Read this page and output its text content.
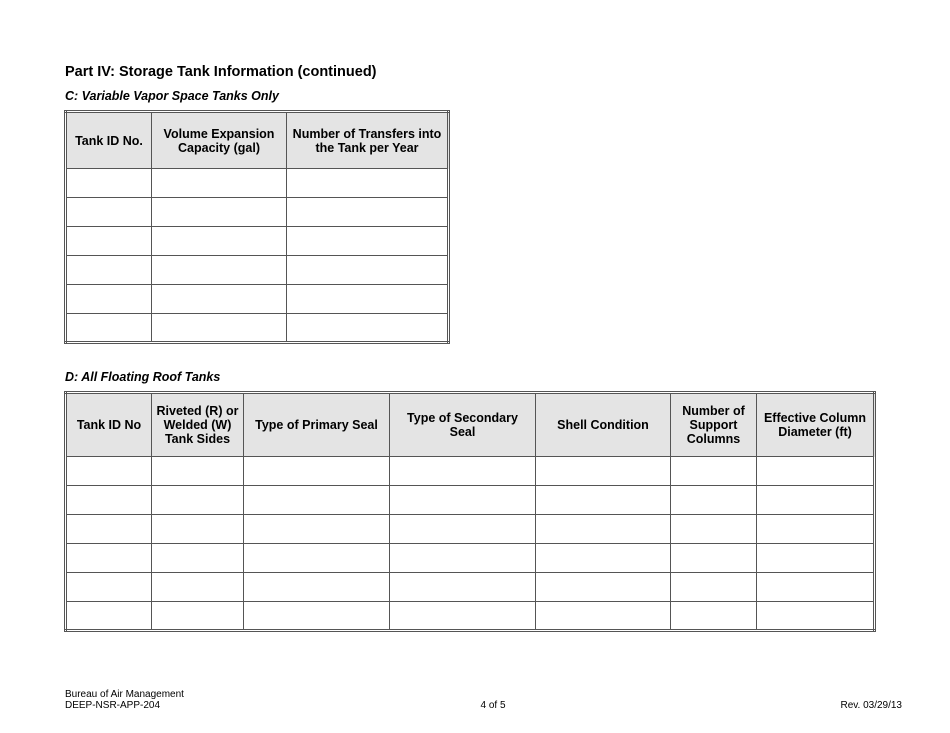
Part IV: Storage Tank Information (continued)
C: Variable Vapor Space Tanks Only
Tank ID No.	Volume Expansion Capacity (gal)	Number of Transfers into the Tank per Year

D: All Floating Roof Tanks
Tank ID No	Riveted (R) or Welded (W) Tank Sides	Type of Primary Seal	Type of Secondary Seal	Shell Condition	Number of Support Columns	Effective Column Diameter (ft)

Bureau of Air Management
DEEP-NSR-APP-204	4 of 5	Rev. 03/29/13
